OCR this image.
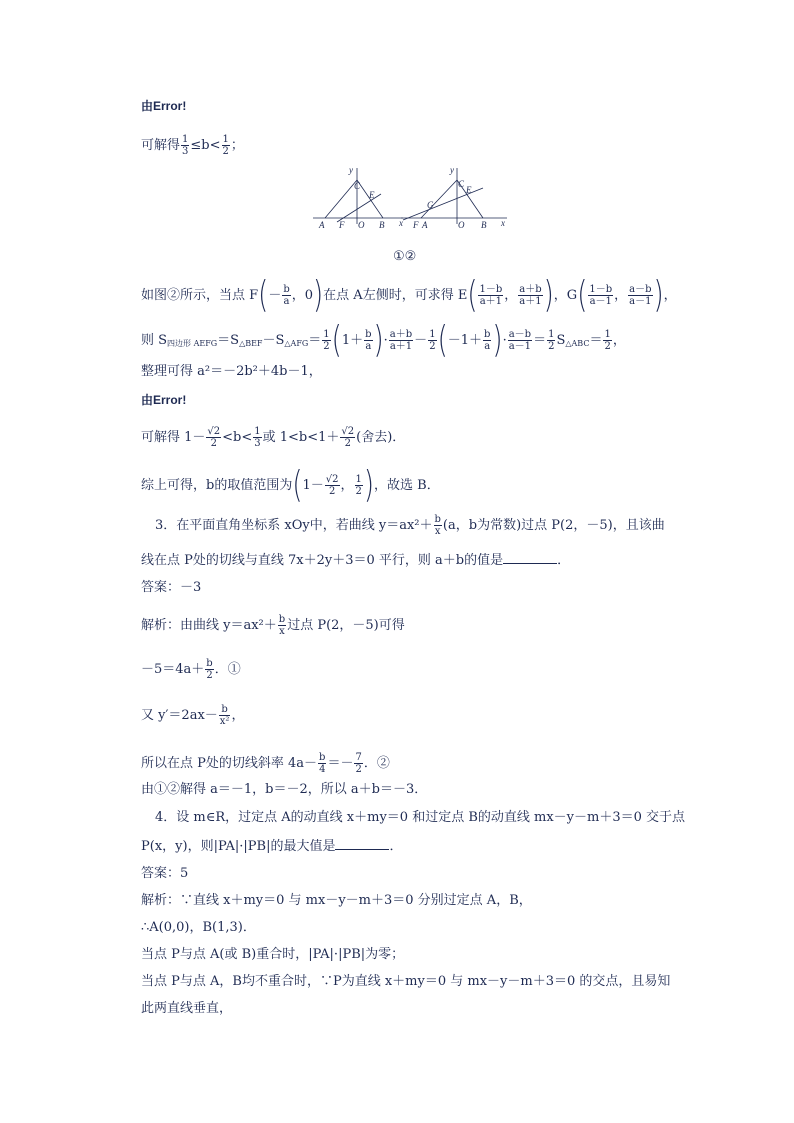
由Error!
可解得 $\frac{1}{3} \le b< \frac{1}{2}$ ；
y
C
E
A F O B x
y
C
E
G
F A	O B x
①②
如图②所示，当点 $F(- \frac{b}{a}$ ，0)在点 A左侧时，可求得 $E( \frac{1-b}{a+1}$ ， $\frac{a+b}{a+1}$ )，$G( \frac{1-b}{a-1}$ ， $\frac{a-b}{a-1}$ )，
则 $S_{四边形 AEFG}=S_{\triangle BEF}-S_{\triangle AFG}= \frac{1}{2} (1+ \frac{b}{a}$ )· $\frac{a+b}{a+1} - \frac{1}{2} (-1+ \frac{b}{a}$ )· $\frac{a-b}{a-1} = \frac{1}{2} S_{\triangle ABC}= \frac{1}{2}$ ，
整理可得 a²＝－2b²＋4b－1，
由Error!
可解得 $1- \frac{√2}{2} <b< \frac{1}{3}$ 或 $1<b<1+ \frac{√2}{2}$ (舍去)．
综上可得，b的取值范围为($1- \frac{√2}{2}$ ， $\frac{1}{2}$ )，故选 B．
3．在平面直角坐标系 xOy中，若曲线 $y=ax^2+ \frac{b}{x} (a$，b为常数)过点 P(2，－5)，且该曲
线在点 P处的切线与直线 7x＋2y＋3＝0 平行，则 a＋b的值是	．
答案：－3
解析：由曲线 $y=ax^2+ \frac{b}{x}$ 过点 P(2，－5)可得
$-5=4a+ \frac{b}{2}$ ．①
又 $y'=2ax- \frac{b}{\text{x²}}$ ，
所以在点 P处的切线斜率 $4a- \frac{b}{4} =- \frac{7}{2}$ ．②
由①②解得 a＝－1，b＝－2，所以 a＋b＝－3．
4．设 m∈R，过定点 A的动直线 x＋my＝0 和过定点 B的动直线 mx－y－m＋3＝0 交于点
P(x，y)，则|PA|·|PB|的最大值是	．
答案：5
解析：∵直线 x＋my＝0 与 mx－y－m＋3＝0 分别过定点 A，B，
∴A(0,0)，B(1,3)．
当点 P与点 A(或 B)重合时，|PA|·|PB|为零；
当点 P与点 A，B均不重合时，∵P为直线 x＋my＝0 与 mx－y－m＋3＝0 的交点，且易知
此两直线垂直，
